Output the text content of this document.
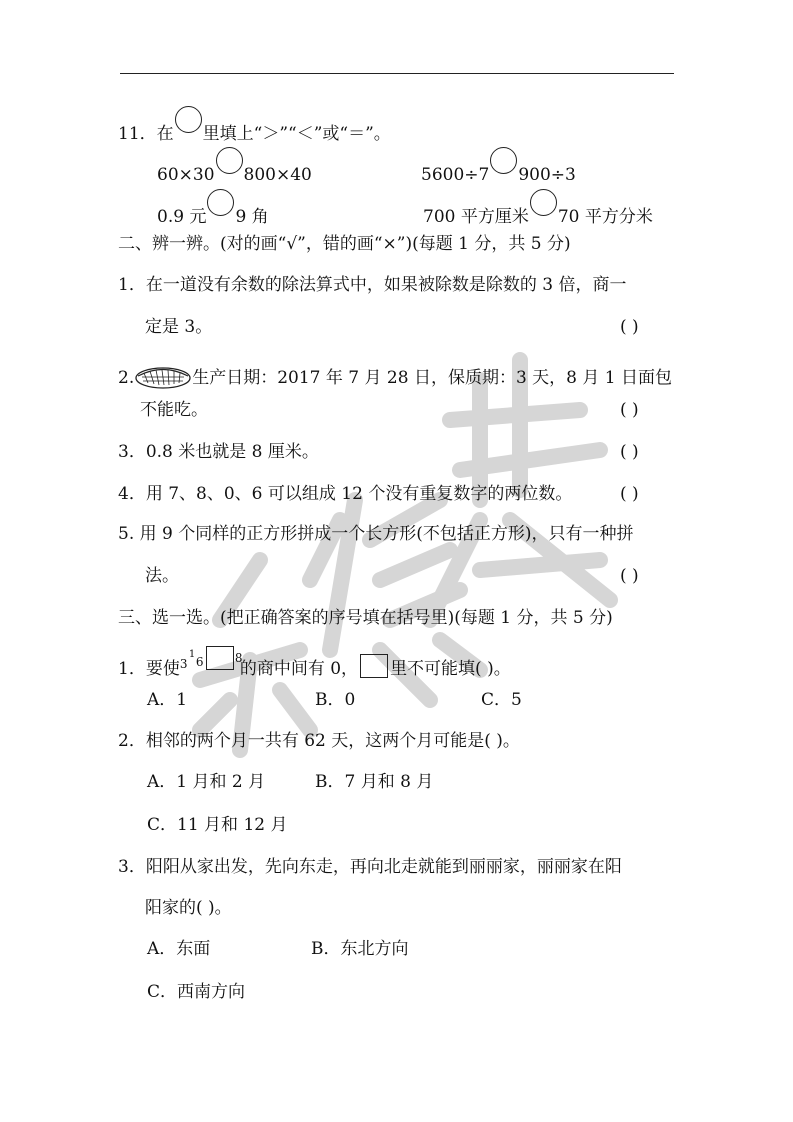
11．在 里填上“＞”“＜”或“＝”。
60×30 800×40	5600÷7 900÷3
0.9 元 9 角	700 平方厘米 70 平方分米
二、辨一辨。(对的画“√”，错的画“×”)(每题 1 分，共 5 分)
1．在一道没有余数的除法算式中，如果被除数是除数的 3 倍，商一
定是 3。	( )
2.	生产日期：2017 年 7 月 28 日，保质期：3 天，8 月 1 日面包
不能吃。	( )
3．0.8 米也就是 8 厘米。	( )
4．用 7、8、0、6 可以组成 12 个没有重复数字的两位数。	( )
5. 用 9 个同样的正方形拼成一个长方形(不包括正方形)，只有一种拼
法。	( )
三、选一选。(把正确答案的序号填在括号里)(每题 1 分，共 5 分)
1．要使 3
1
6	8
的商中间有 0， 里不可能填( )。
A．1	B．0	C．5
2．相邻的两个月一共有 62 天，这两个月可能是( )。
A．1 月和 2 月	B．7 月和 8 月
C．11 月和 12 月
3．阳阳从家出发，先向东走，再向北走就能到丽丽家，丽丽家在阳
阳家的( )。
A．东面	B．东北方向
C．西南方向
